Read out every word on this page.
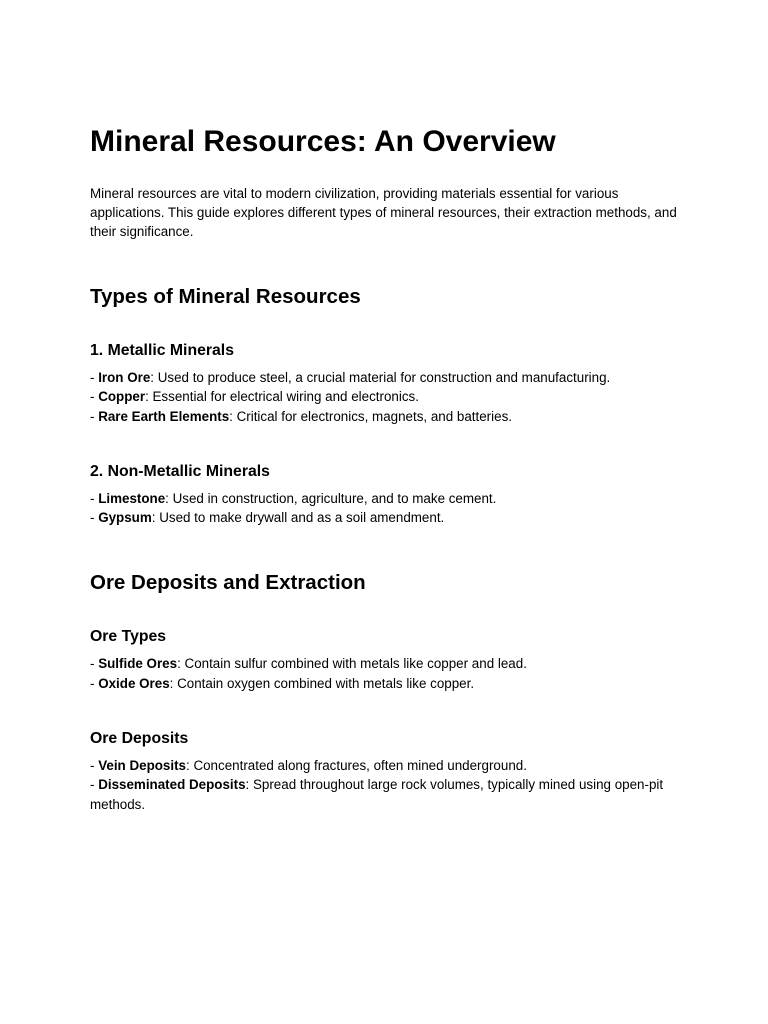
Mineral Resources: An Overview

Mineral resources are vital to modern civilization, providing materials essential for various applications. This guide explores different types of mineral resources, their extraction methods, and their significance.

Types of Mineral Resources
1. Metallic Minerals

- Iron Ore: Used to produce steel, a crucial material for construction and manufacturing.

- Copper: Essential for electrical wiring and electronics.

- Rare Earth Elements: Critical for electronics, magnets, and batteries.

2. Non-Metallic Minerals

- Limestone: Used in construction, agriculture, and to make cement.

- Gypsum: Used to make drywall and as a soil amendment.

Ore Deposits and Extraction
Ore Types

- Sulfide Ores: Contain sulfur combined with metals like copper and lead.

- Oxide Ores: Contain oxygen combined with metals like copper.

Ore Deposits

- Vein Deposits: Concentrated along fractures, often mined underground.

- Disseminated Deposits: Spread throughout large rock volumes, typically mined using open-pit methods.
